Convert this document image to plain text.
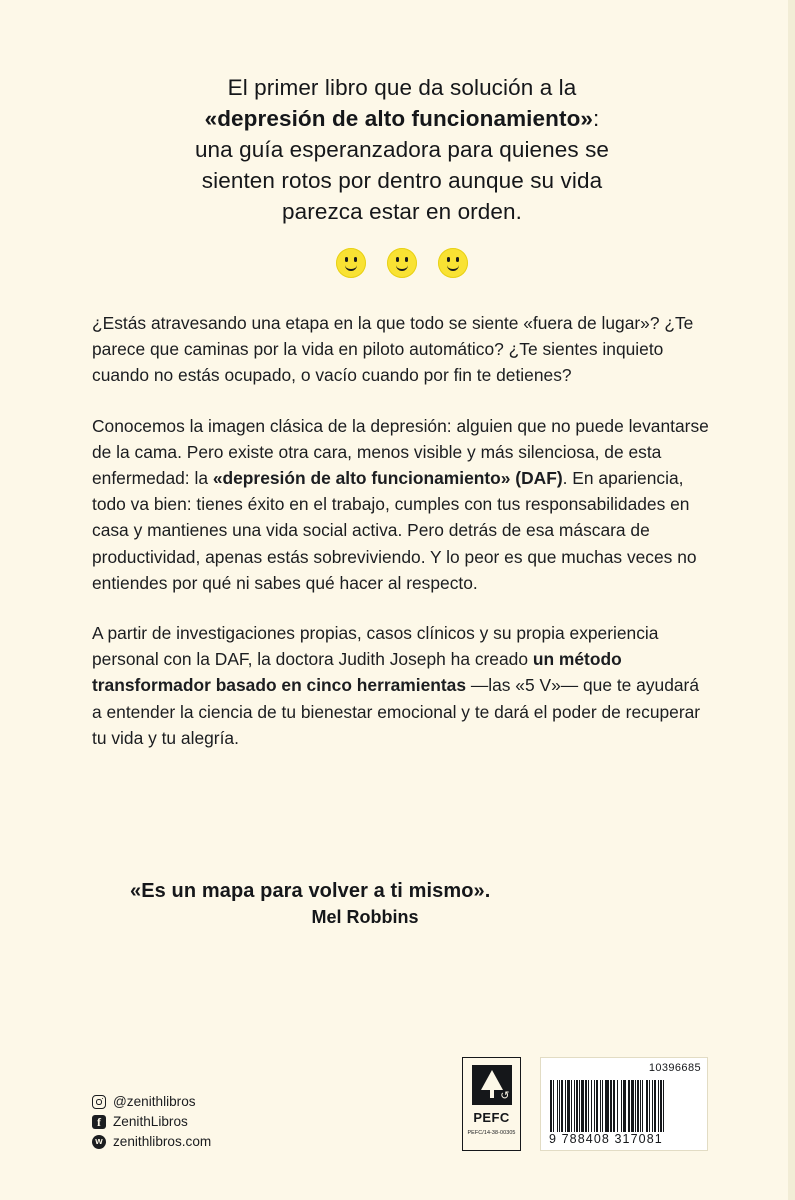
El primer libro que da solución a la
«depresión de alto funcionamiento»:
una guía esperanzadora para quienes se
sienten rotos por dentro aunque su vida
parezca estar en orden.

¿Estás atravesando una etapa en la que todo se siente «fuera de lugar»? ¿Te parece que caminas por la vida en piloto automático? ¿Te sientes inquieto cuando no estás ocupado, o vacío cuando por fin te detienes?

Conocemos la imagen clásica de la depresión: alguien que no puede levantarse de la cama. Pero existe otra cara, menos visible y más silenciosa, de esta enfermedad: la «depresión de alto funcionamiento» (DAF). En apariencia, todo va bien: tienes éxito en el trabajo, cumples con tus responsabilidades en casa y mantienes una vida social activa. Pero detrás de esa máscara de productividad, apenas estás sobreviviendo. Y lo peor es que muchas veces no entiendes por qué ni sabes qué hacer al respecto.

A partir de investigaciones propias, casos clínicos y su propia experiencia personal con la DAF, la doctora Judith Joseph ha creado un método transformador basado en cinco herramientas —las «5 V»— que te ayudará a entender la ciencia de tu bienestar emocional y te dará el poder de recuperar tu vida y tu alegría.

«Es un mapa para volver a ti mismo».
Mel Robbins
@zenithlibros
f ZenithLibros
w zenithlibros.com
↺
PEFC
PEFC/14-38-00305
10396685
9 788408 317081
